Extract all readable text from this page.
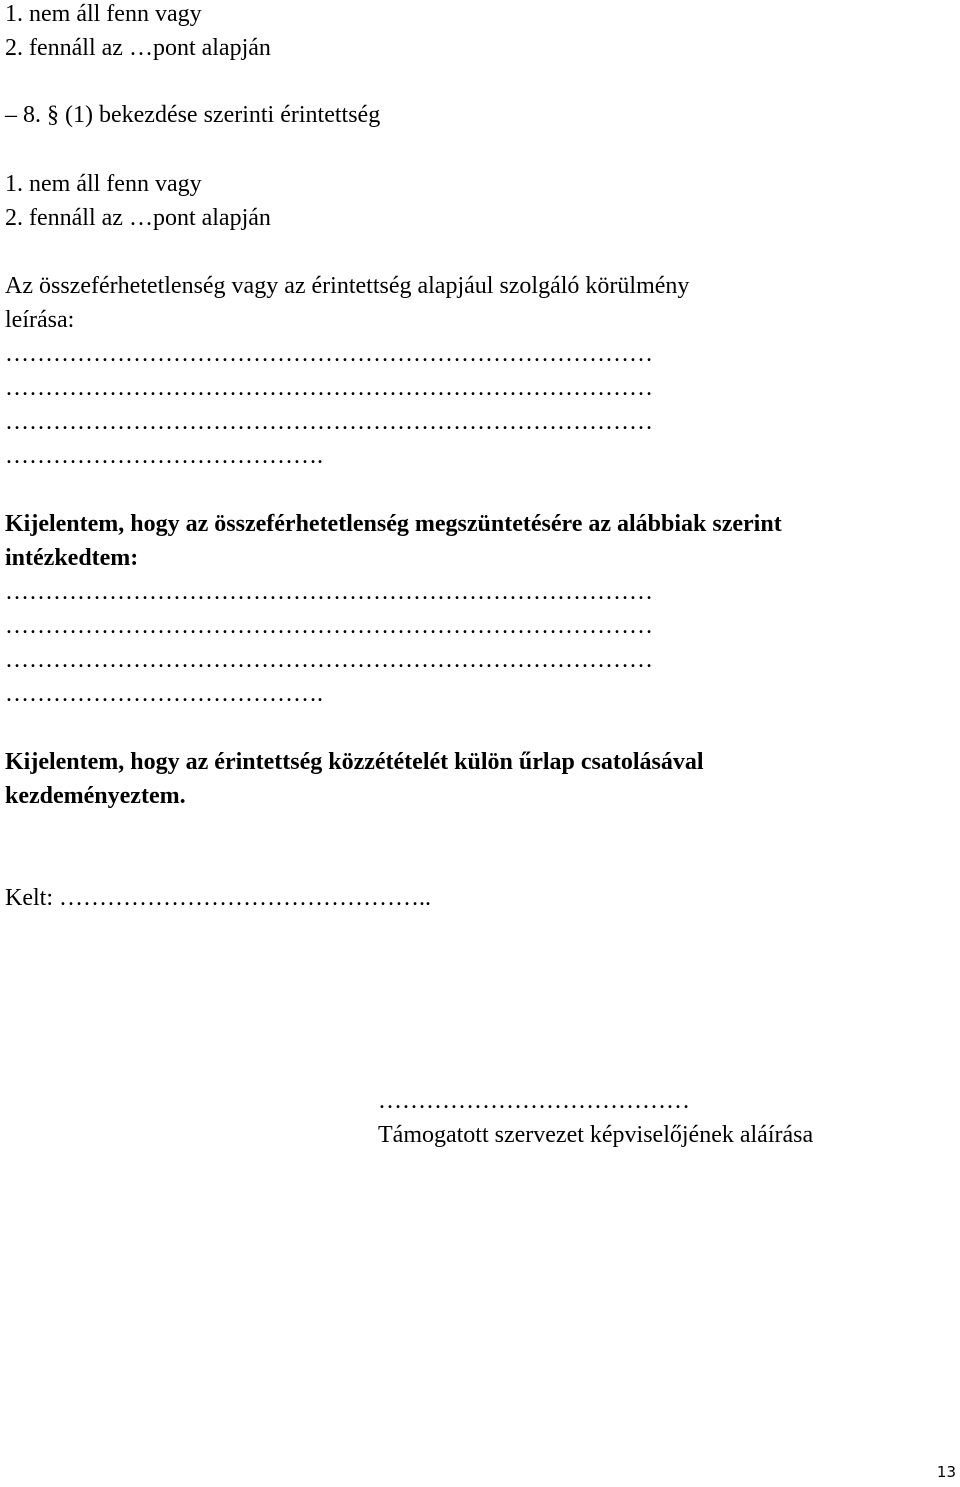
1. nem áll fenn vagy
2. fennáll az …pont alapján
– 8. § (1) bekezdése szerinti érintettség
1. nem áll fenn vagy
2. fennáll az …pont alapján
Az összeférhetetlenség vagy az érintettség alapjául szolgáló körülmény
leírása:
………………………………………………………………………
………………………………………………………………………
………………………………………………………………………
………………………………….
Kijelentem, hogy az összeférhetetlenség megszüntetésére az alábbiak szerint
intézkedtem:
………………………………………………………………………
………………………………………………………………………
………………………………………………………………………
………………………………….
Kijelentem, hogy az érintettség közzétételét külön űrlap csatolásával
kezdeményeztem.
Kelt: ………………………………………..
…………………………………
Támogatott szervezet képviselőjének aláírása
13
